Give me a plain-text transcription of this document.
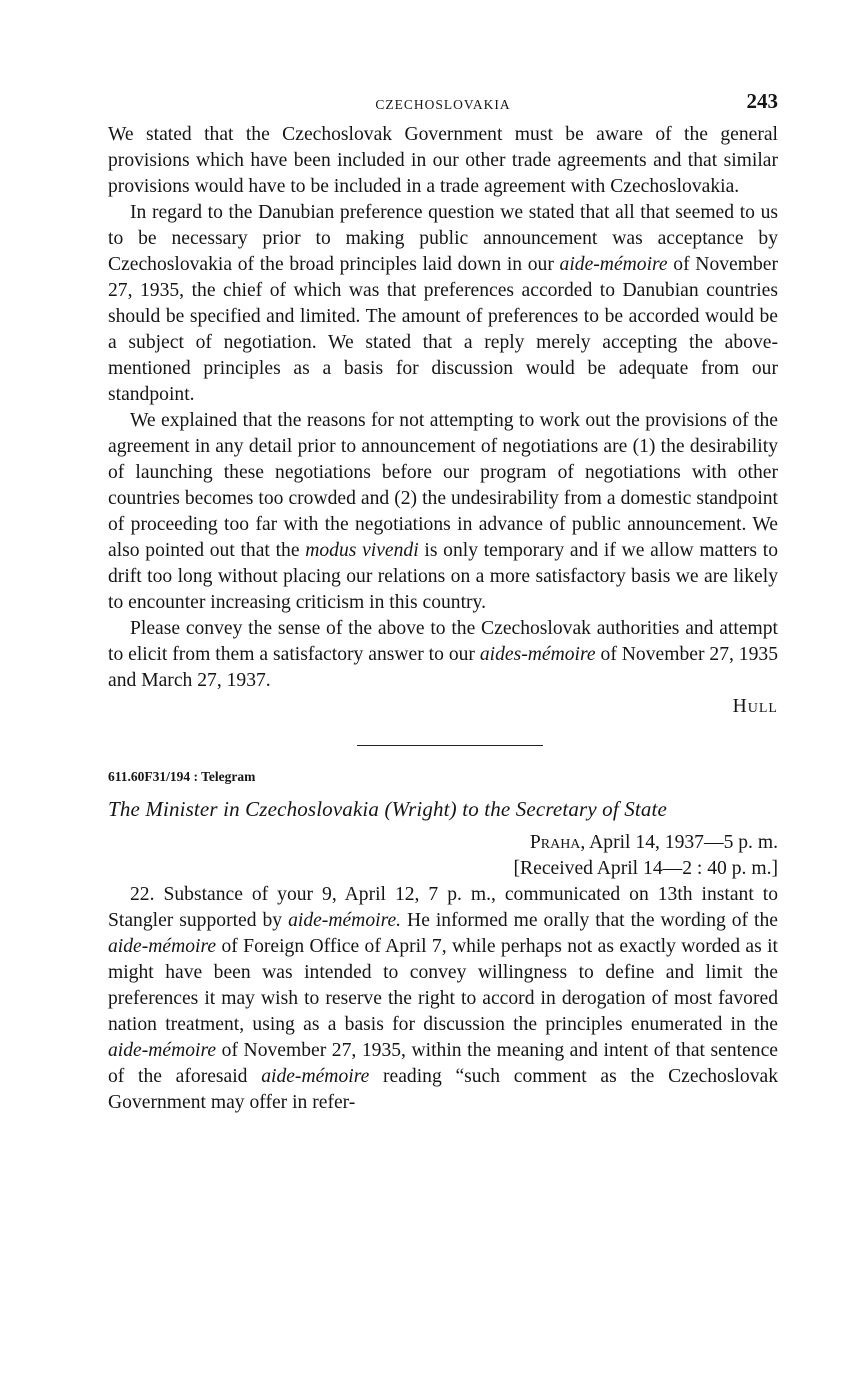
CZECHOSLOVAKIA	243

We stated that the Czechoslovak Government must be aware of the general provisions which have been included in our other trade agreements and that similar provisions would have to be included in a trade agreement with Czechoslovakia.

In regard to the Danubian preference question we stated that all that seemed to us to be necessary prior to making public announcement was acceptance by Czechoslovakia of the broad principles laid down in our aide-mémoire of November 27, 1935, the chief of which was that preferences accorded to Danubian countries should be specified and limited. The amount of preferences to be accorded would be a subject of negotiation. We stated that a reply merely accepting the above-mentioned principles as a basis for discussion would be adequate from our standpoint.

We explained that the reasons for not attempting to work out the provisions of the agreement in any detail prior to announcement of negotiations are (1) the desirability of launching these negotiations before our program of negotiations with other countries becomes too crowded and (2) the undesirability from a domestic standpoint of proceeding too far with the negotiations in advance of public announcement. We also pointed out that the modus vivendi is only temporary and if we allow matters to drift too long without placing our relations on a more satisfactory basis we are likely to encounter increasing criticism in this country.

Please convey the sense of the above to the Czechoslovak authorities and attempt to elicit from them a satisfactory answer to our aides-mémoire of November 27, 1935 and March 27, 1937.

Hull
611.60F31/194 : Telegram
The Minister in Czechoslovakia (Wright) to the Secretary of State
Praha, April 14, 1937—5 p. m.
[Received April 14—2 : 40 p. m.]

22. Substance of your 9, April 12, 7 p. m., communicated on 13th instant to Stangler supported by aide-mémoire. He informed me orally that the wording of the aide-mémoire of Foreign Office of April 7, while perhaps not as exactly worded as it might have been was intended to convey willingness to define and limit the preferences it may wish to reserve the right to accord in derogation of most favored nation treatment, using as a basis for discussion the principles enumerated in the aide-mémoire of November 27, 1935, within the meaning and intent of that sentence of the aforesaid aide-mémoire reading “such comment as the Czechoslovak Government may offer in refer-
